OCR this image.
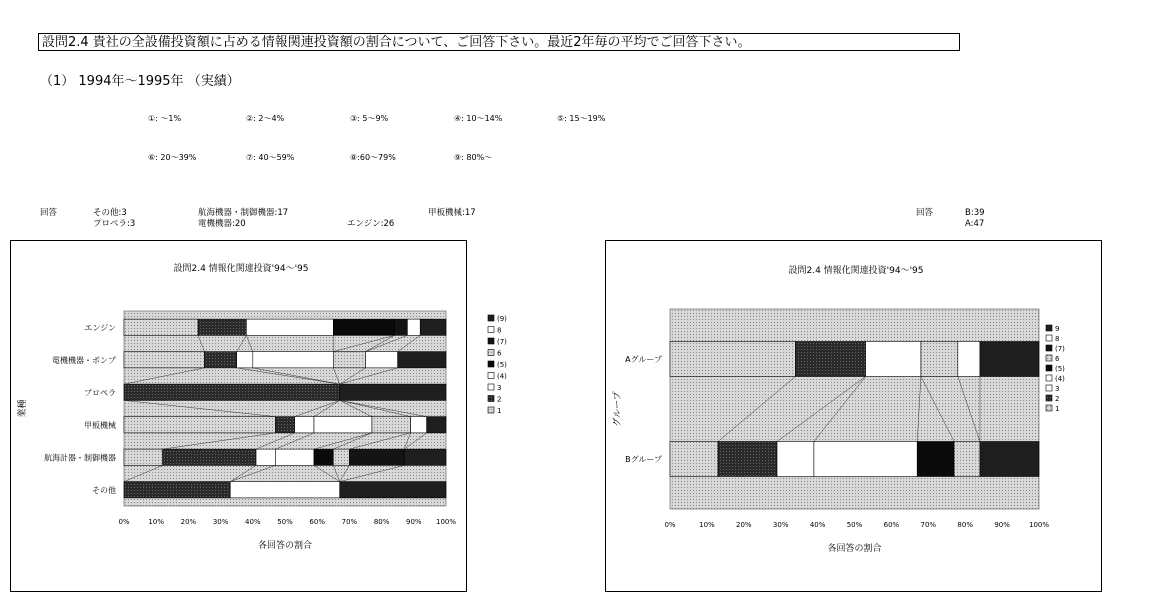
設問2.4 貴社の全設備投資額に占める情報関連投資額の割合について、ご回答下さい。最近2年毎の平均でご回答下さい。
（1） 1994年～1995年 （実績）
①: ～1%	②: 2～4%	③: 5～9%	④: 10～14%	⑤: 15～19%
⑥: 20～39%	⑦: 40～59%	⑧:60～79%	⑨: 80%～
回答	その他:3
プロペラ:3
航海機器・制御機器:17
電機機器:20	エンジン:26
甲板機械:17	回答	B:39
A:47
設問2.4 情報化関連投資'94～'95
エンジン
電機機器・ポンプ
プロペラ
甲板機械
航海計器・制御機器
その他
0%	10% 20% 30% 40% 50% 60% 70% 80% 90% 100%
各回答の割合
業種
(9)
8
(7)
6
(5)
(4)
3
2
1
設問2.4 情報化関連投資'94～'95
Aグループ
Bグループ
0%	10%	20%	30%	40%	50%	60%	70%	80%	90%	100%
各回答の割合
グループ
9
8
(7)
6
(5)
(4)
3
2
1
